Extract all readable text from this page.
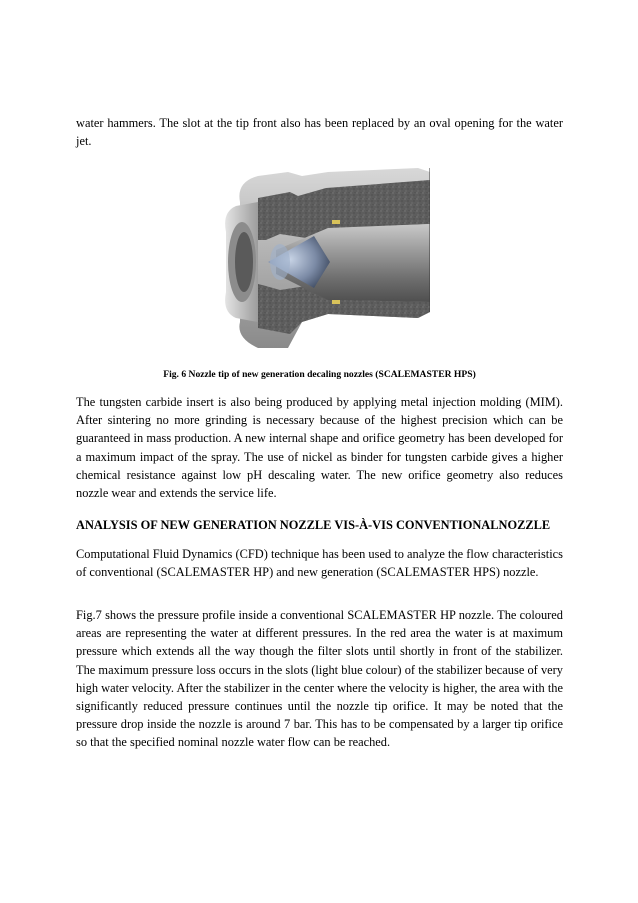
water hammers. The slot at the tip front also has been replaced by an oval opening for the water jet.

Fig. 6 Nozzle tip of new generation decaling nozzles (SCALEMASTER HPS)

The tungsten carbide insert is also being produced by applying metal injection molding (MIM). After sintering no more grinding is necessary because of the highest precision which can be guaranteed in mass production. A new internal shape and orifice geometry has been developed for a maximum impact of the spray. The use of nickel as binder for tungsten carbide gives a higher chemical resistance against low pH descaling water. The new orifice geometry also reduces nozzle wear and extends the service life.

ANALYSIS OF NEW GENERATION NOZZLE VIS-À-VIS CONVENTIONALNOZZLE

Computational Fluid Dynamics (CFD) technique has been used to analyze the flow characteristics of conventional (SCALEMASTER HP) and new generation (SCALEMASTER HPS) nozzle.

Fig.7 shows the pressure profile inside a conventional SCALEMASTER HP nozzle. The coloured areas are representing the water at different pressures. In the red area the water is at maximum pressure which extends all the way though the filter slots until shortly in front of the stabilizer. The maximum pressure loss occurs in the slots (light blue colour) of the stabilizer because of very high water velocity. After the stabilizer in the center where the velocity is higher, the area with the significantly reduced pressure continues until the nozzle tip orifice. It may be noted that the pressure drop inside the nozzle is around 7 bar. This has to be compensated by a larger tip orifice so that the specified nominal nozzle water flow can be reached.
